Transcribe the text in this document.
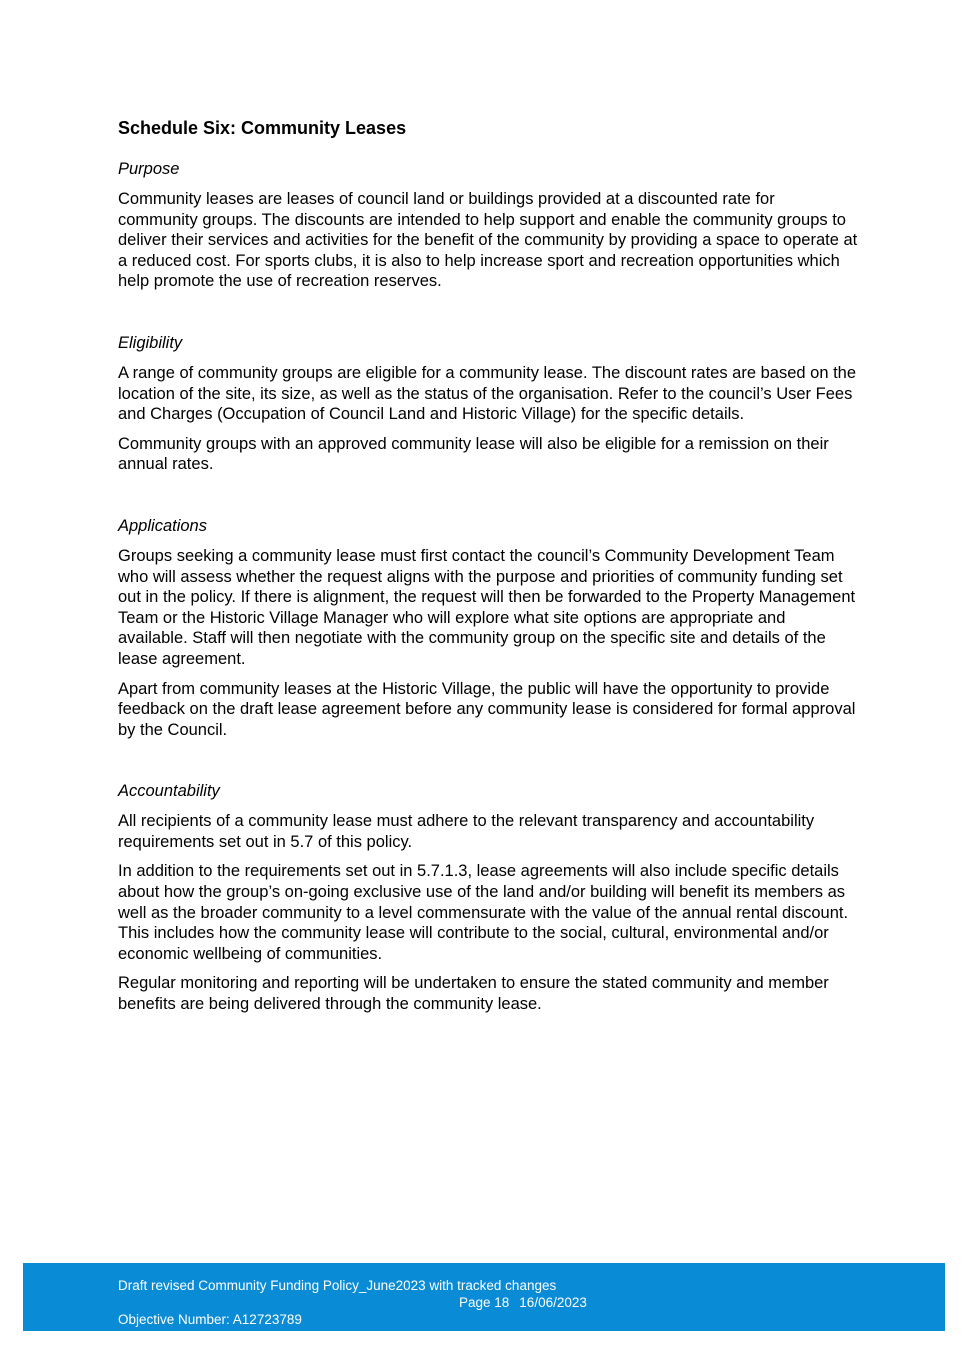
Schedule Six: Community Leases
Purpose
Community leases are leases of council land or buildings provided at a discounted rate for community groups. The discounts are intended to help support and enable the community groups to deliver their services and activities for the benefit of the community by providing a space to operate at a reduced cost. For sports clubs, it is also to help increase sport and recreation opportunities which help promote the use of recreation reserves.
Eligibility
A range of community groups are eligible for a community lease. The discount rates are based on the location of the site, its size, as well as the status of the organisation. Refer to the council’s User Fees and Charges (Occupation of Council Land and Historic Village) for the specific details.
Community groups with an approved community lease will also be eligible for a remission on their annual rates.
Applications
Groups seeking a community lease must first contact the council’s Community Development Team who will assess whether the request aligns with the purpose and priorities of community funding set out in the policy. If there is alignment, the request will then be forwarded to the Property Management Team or the Historic Village Manager who will explore what site options are appropriate and available. Staff will then negotiate with the community group on the specific site and details of the lease agreement.
Apart from community leases at the Historic Village, the public will have the opportunity to provide feedback on the draft lease agreement before any community lease is considered for formal approval by the Council.
Accountability
All recipients of a community lease must adhere to the relevant transparency and accountability requirements set out in 5.7 of this policy.
In addition to the requirements set out in 5.7.1.3, lease agreements will also include specific details about how the group’s on-going exclusive use of the land and/or building will benefit its members as well as the broader community to a level commensurate with the value of the annual rental discount. This includes how the community lease will contribute to the social, cultural, environmental and/or economic wellbeing of communities.
Regular monitoring and reporting will be undertaken to ensure the stated community and member benefits are being delivered through the community lease.
Draft revised Community Funding Policy_June2023 with tracked changes
Page 18 16/06/2023
Objective Number: A12723789
